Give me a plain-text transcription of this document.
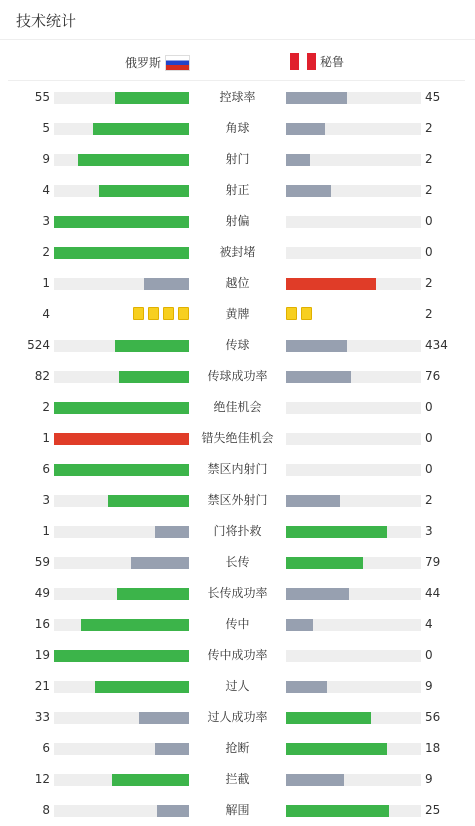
技术统计
俄罗斯	秘鲁
55	控球率	45
5	角球	2
9	射门	2
4	射正	2
3	射偏	0
2	被封堵	0
1	越位	2
4	黄牌	2
524	传球	434
82	传球成功率	76
2	绝佳机会	0
1	错失绝佳机会	0
6	禁区内射门	0
3	禁区外射门	2
1	门将扑救	3
59	长传	79
49	长传成功率	44
16	传中	4
19	传中成功率	0
21	过人	9
33	过人成功率	56
6	抢断	18
12	拦截	9
8	解围	25
